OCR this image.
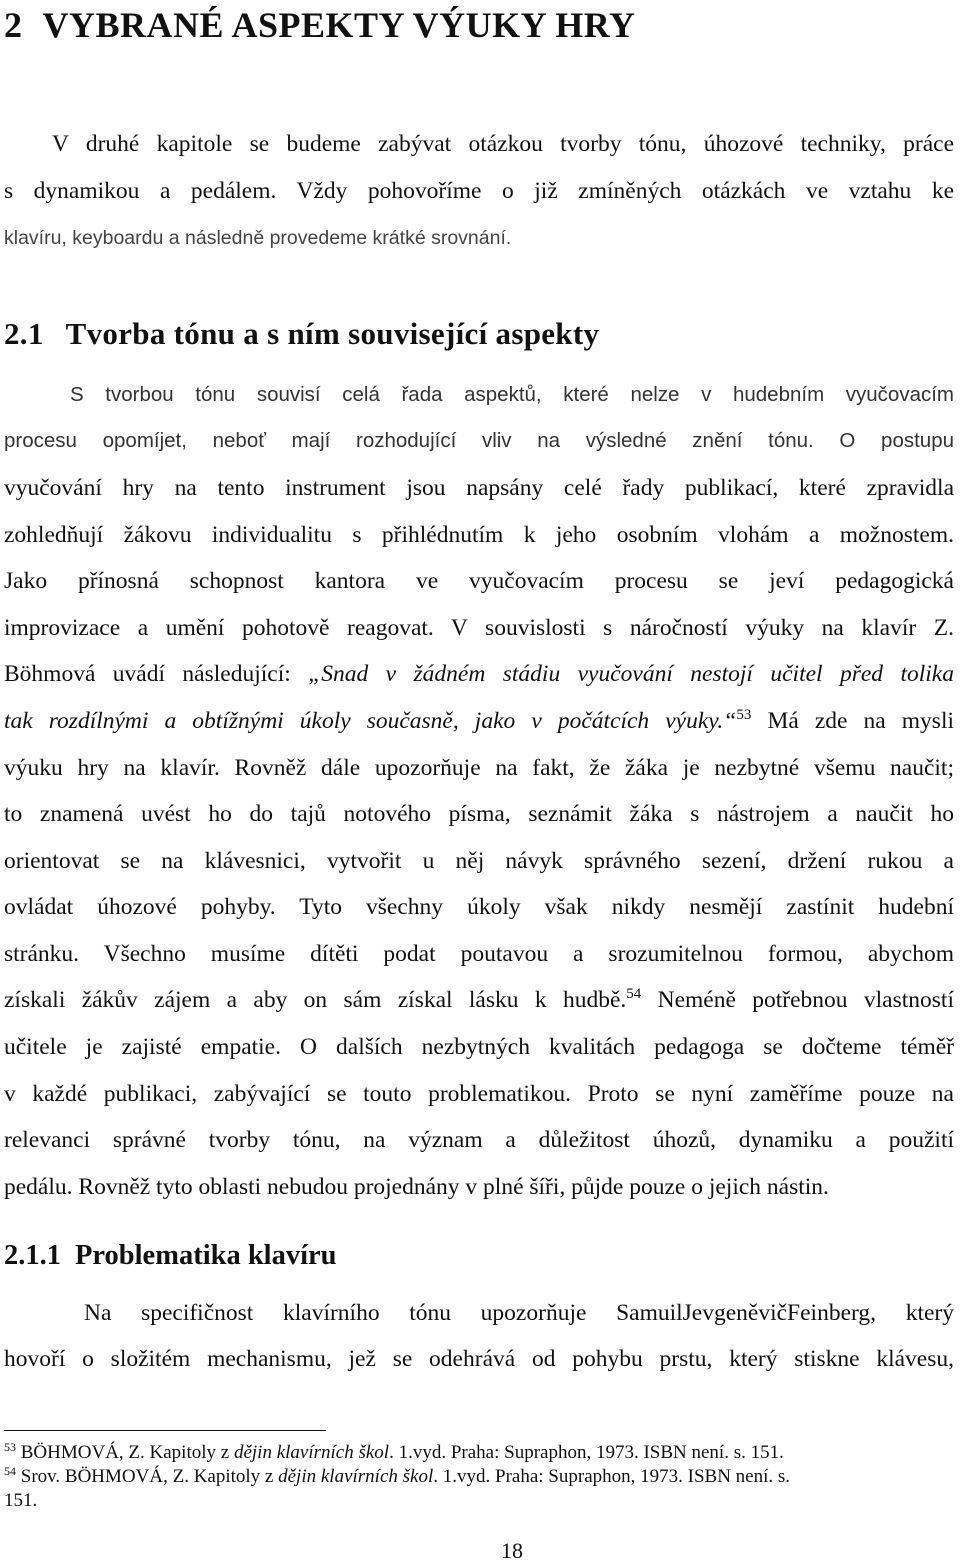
2 VYBRANÉ ASPEKTY VÝUKY HRY
V druhé kapitole se budeme zabývat otázkou tvorby tónu, úhozové techniky, práce
s dynamikou a pedálem. Vždy pohovoříme o již zmíněných otázkách ve vztahu ke
klavíru, keyboardu a následně provedeme krátké srovnání.
2.1 Tvorba tónu a s ním související aspekty
S tvorbou tónu souvisí celá řada aspektů, které nelze v hudebním vyučovacím
procesu opomíjet, neboť mají rozhodující vliv na výsledné znění tónu. O postupu
vyučování hry na tento instrument jsou napsány celé řady publikací, které zpravidla
zohledňují žákovu individualitu s přihlédnutím k jeho osobním vlohám a možnostem.
Jako přínosná schopnost kantora ve vyučovacím procesu se jeví pedagogická
improvizace a umění pohotově reagovat. V souvislosti s náročností výuky na klavír Z.
Böhmová uvádí následující: „Snad v žádném stádiu vyučování nestojí učitel před tolika
tak rozdílnými a obtížnými úkoly současně, jako v počátcích výuky.“$^{53}$ Má zde na mysli
výuku hry na klavír. Rovněž dále upozorňuje na fakt, že žáka je nezbytné všemu naučit;
to znamená uvést ho do tajů notového písma, seznámit žáka s nástrojem a naučit ho
orientovat se na klávesnici, vytvořit u něj návyk správného sezení, držení rukou a
ovládat úhozové pohyby. Tyto všechny úkoly však nikdy nesmějí zastínit hudební
stránku. Všechno musíme dítěti podat poutavou a srozumitelnou formou, abychom
získali žákův zájem a aby on sám získal lásku k hudbě.$^{54}$ Neméně potřebnou vlastností
učitele je zajisté empatie. O dalších nezbytných kvalitách pedagoga se dočteme téměř
v každé publikaci, zabývající se touto problematikou. Proto se nyní zaměříme pouze na
relevanci správné tvorby tónu, na význam a důležitost úhozů, dynamiku a použití
pedálu. Rovněž tyto oblasti nebudou projednány v plné šíři, půjde pouze o jejich nástin.
2.1.1 Problematika klavíru
Na specifičnost klavírního tónu upozorňuje SamuilJevgeněvičFeinberg, který
hovoří o složitém mechanismu, jež se odehrává od pohybu prstu, který stiskne klávesu,
$^{53}$ BÖHMOVÁ, Z. Kapitoly z dějin klavírních škol. 1.vyd. Praha: Supraphon, 1973. ISBN není. s. 151.
$^{54}$ Srov. BÖHMOVÁ, Z. Kapitoly z dějin klavírních škol. 1.vyd. Praha: Supraphon, 1973. ISBN není. s.
151.
18
